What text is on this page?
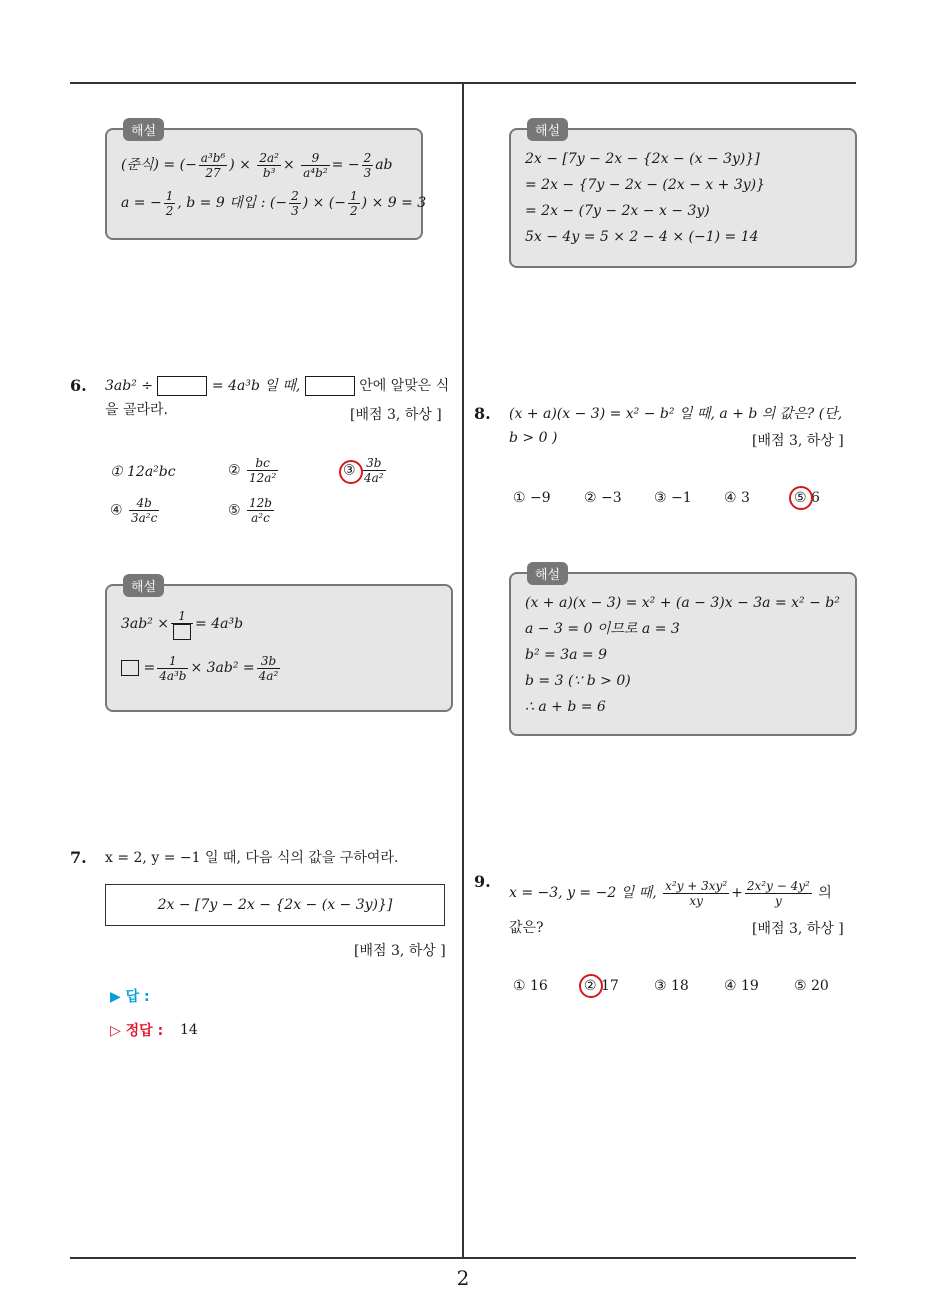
2
해설
(준식) = (− $\frac{\text{a³b⁶}}{27}$ ) × $\frac{\text{2a²}}{\text{b³}} \times \frac{9}{\text{a⁴b²}}$ = − $\frac{2}{3}$ ab
a = − $\frac{1}{2}$ , b = 9 대입 : (− $\frac{2}{3}$ ) × (− $\frac{1}{2}$ ) × 9 = 3
해설
2x − [7y − 2x − {2x − (x − 3y)}]
= 2x − {7y − 2x − (2x − x + 3y)}
= 2x − (7y − 2x − x − 3y)
5x − 4y = 5 × 2 − 4 × (−1) = 14
6. 3ab² ÷	= 4a³b 일 때,	안에 알맞은 식
을 골라라.	[배점 3, 하상 ]
① 12a²bc	② $\frac{bc}{\text{12a²}}$	③ $\frac{3b}{\text{4a²}}$
④ $\frac{4b}{\text{3a²c}}$	⑤ $\frac{12b}{\text{a²c}}$
해설
3ab² ×
1
= 4a³b
= $\frac{1}{\text{4a³b}} \times 3ab^2 = \frac{3b}{\text{4a²}}$
7. x = 2, y = −1 일 때, 다음 식의 값을 구하여라.
2x − [7y − 2x − {2x − (x − 3y)}]
[배점 3, 하상 ]
▶ 답 :
▷ 정답 : 14
8. (x + a)(x − 3) = x² − b² 일 때, a + b 의 값은? (단,
b > 0 )	[배점 3, 하상 ]
① −9 ② −3 ③ −1 ④ 3	⑤ 6
해설
(x + a)(x − 3) = x² + (a − 3)x − 3a = x² − b²
a − 3 = 0 이므로 a = 3
b² = 3a = 9
b = 3 (∵ b > 0)
∴ a + b = 6
9.
x = −3, y = −2 일 때, $\frac{\text{x²y + 3xy²}}{xy} + \frac{\text{2x²y − 4y²}}{y}$ 의
값은?	[배점 3, 하상 ]
① 16	② 17	③ 18	④ 19	⑤ 20
